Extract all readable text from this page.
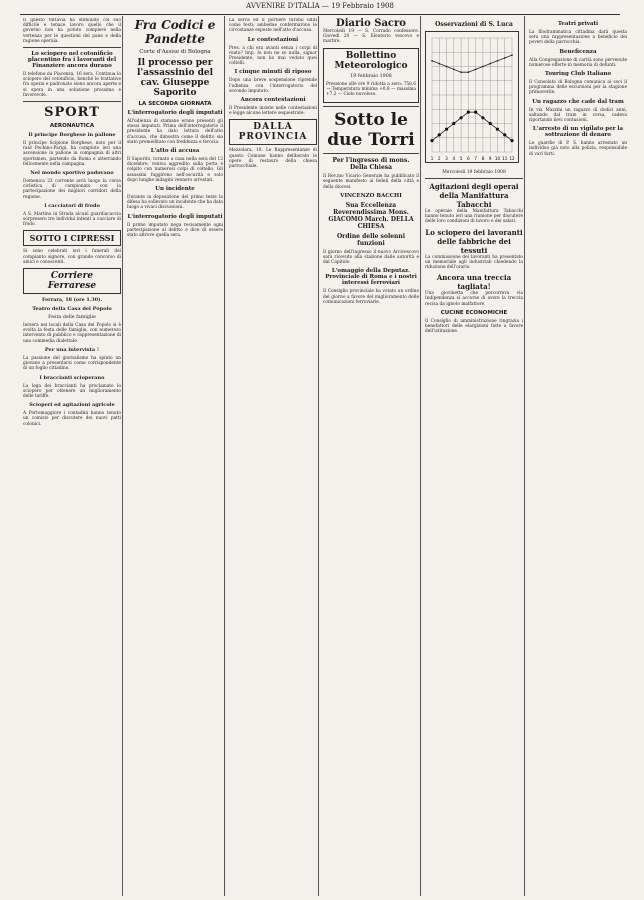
AVVENIRE D'ITALIA — 19 Febbraio 1908

Il questo tuttavia ha stimolato col suo difficile e tenace lavoro quello che il governo non ha potuto compiere nella vertenza per le questioni del pane e della ragione operaia.

Lo sciopero nel cotonificio placentino fra i lavoranti del Finanziere ancora durano

Il telefono da Piacenza, 16 sera. Continua lo sciopero del cotonificio, benché le trattative fra operai e padronato sieno ancora aperte e si spera in una soluzione prossima e favorevole.

SPORT
AERONAUTICA
Il principe Borghese in pallone

Il principe Scipione Borghese, noto per il raid Pechino-Parigi, ha compiuto ieri una ascensione in pallone in compagnia di altri sportsmen, partendo da Roma e atterrando felicemente nella campagna.

Nel mondo sportivo padovano

Domenica 23 corrente avrà luogo la corsa ciclistica di campionato con la partecipazione dei migliori corridori della regione.

I cacciatori di frodo

A S. Martino in Strada alcuni guardiacaccia sorpresero tre individui intenti a cacciare di frodo.

SOTTO I CIPRESSI

Si sono celebrati ieri i funerali del compianto signore, con grande concorso di amici e conoscenti.

Corriere Ferrarese
Ferrara, 18 (ore 1.30).
Teatro della Casa del Popolo
Festa delle famiglie

Iersera nei locali della Casa del Popolo si è svolta la festa delle famiglie, con numeroso intervento di pubblico e rappresentazione di una commedia dialettale.

Per una intervista !

La passione del giornalismo ha spinto un giovane a presentarsi come corrispondente di un foglio cittadino.

I braccianti scioperano

La lega dei braccianti ha proclamato lo sciopero per ottenere un miglioramento delle tariffe.

Scioperi ed agitazioni agricole

A Portomaggiore i contadini hanno tenuto un comizio per discutere dei nuovi patti colonici.

Fra Codici e Pandette
Corte d'Assise di Bologna
Il processo per l'assassinio del cav. Giuseppe Saporito
LA SECONDA GIORNATA
L'interrogatorio degli imputati

All'udienza di stamane erano presenti gli stessi imputati. Prima dell'interrogatorio il presidente ha dato lettura dell'atto d'accusa, che dimostra come il delitto sia stato premeditato con freddezza e ferocia.

L'atto di accusa

Il Saporito, tornato a casa nella sera del 12 dicembre, veniva aggredito sulla porta e colpito con numerosi colpi di coltello. Gli assassini fuggirono nell'oscurità e solo dopo lunghe indagini vennero arrestati.

Un incidente

Durante la deposizione del primo teste la difesa ha sollevato un incidente che ha dato luogo a vivaci discussioni.

L'interrogatorio degli imputati

Il primo imputato nega recisamente ogni partecipazione al delitto e dice di essere stato altrove quella sera.

La serva ed il portiere furono uditi come testi; ambedue confermarono le circostanze esposte nell'atto d'accusa.

Le contestazioni

Pres. a chi era avanti senza i corpi di reato? Imp. Io non ne so nulla, signor Presidente, non ho mai veduto quei coltelli.

I cinque minuti di riposo

Dopo una breve sospensione riprende l'udienza con l'interrogatorio del secondo imputato.

Ancora contestazioni

Il Presidente insiste nelle contestazioni e legge alcune lettere sequestrate.

DALLA PROVINCIA

Mezzolara, 18. Le Rappresentanze di questo Comune hanno deliberato le opere di restauro della chiesa parrocchiale.

Diario Sacro

Mercoledì 19 — S. Corrado confessore. Giovedì 20 — S. Eleuterio vescovo e martire.

Bollettino Meteorologico
19 febbraio 1908

Pressione alle ore 9 ridotta a zero: 758.6 — Temperatura minima +0.8 — massima +7.2 — Cielo nuvoloso.

Sotto le due Torri
Per l'ingresso di mons. Della Chiesa

Il Rev.mo Vicario Generale ha pubblicato il seguente manifesto ai fedeli della città e della diocesi.

VINCENZO BACCHI
Sua Eccellenza Reverendissima Mons. GIACOMO March. DELLA CHIESA
Ordine delle solenni funzioni

Il giorno dell'ingresso il nuovo Arcivescovo sarà ricevuto alla stazione dalle autorità e dal Capitolo.

L'omaggio della Deputaz. Provinciale di Roma e i nostri interessi ferroviari

Il Consiglio provinciale ha votato un ordine del giorno a favore del miglioramento delle comunicazioni ferroviarie.

Osservazioni di S. Luca
1 2 3 4 5 6 7 8 9 10 11 12
Mercoledì 19 febbraio 1908
Agitazioni degli operai della Manifattura Tabacchi

Le operaie della Manifattura Tabacchi hanno tenuto ieri una riunione per discutere delle loro condizioni di lavoro e dei salari.

Lo sciopero dei lavoranti delle fabbriche dei tessuti

La commissione dei lavoranti ha presentato un memoriale agli industriali chiedendo la riduzione dell'orario.

Ancora una treccia tagliata!

Una giovinetta che percorreva via Indipendenza si accorse di avere la treccia recisa da ignoto malfattore.

CUCINE ECONOMICHE

Il Consiglio di amministrazione ringrazia i benefattori delle elargizioni fatte a favore dell'istituzione.

Teatri privati

La filodrammatica cittadina darà questa sera una rappresentazione a beneficio dei poveri della parrocchia.

Beneficenza

Alla Congregazione di carità sono pervenute numerose offerte in memoria di defunti.

Touring Club Italiano

Il Consolato di Bologna comunica ai soci il programma delle escursioni per la stagione primaverile.

Un ragazzo che cade dal tram

In via Mazzini un ragazzo di dodici anni, saltando dal tram in corsa, cadeva riportando lievi contusioni.

L'arresto di un vigilato per la sottrazione di denaro

Le guardie di P. S. hanno arrestato un individuo già noto alla polizia, responsabile di vari furti.
